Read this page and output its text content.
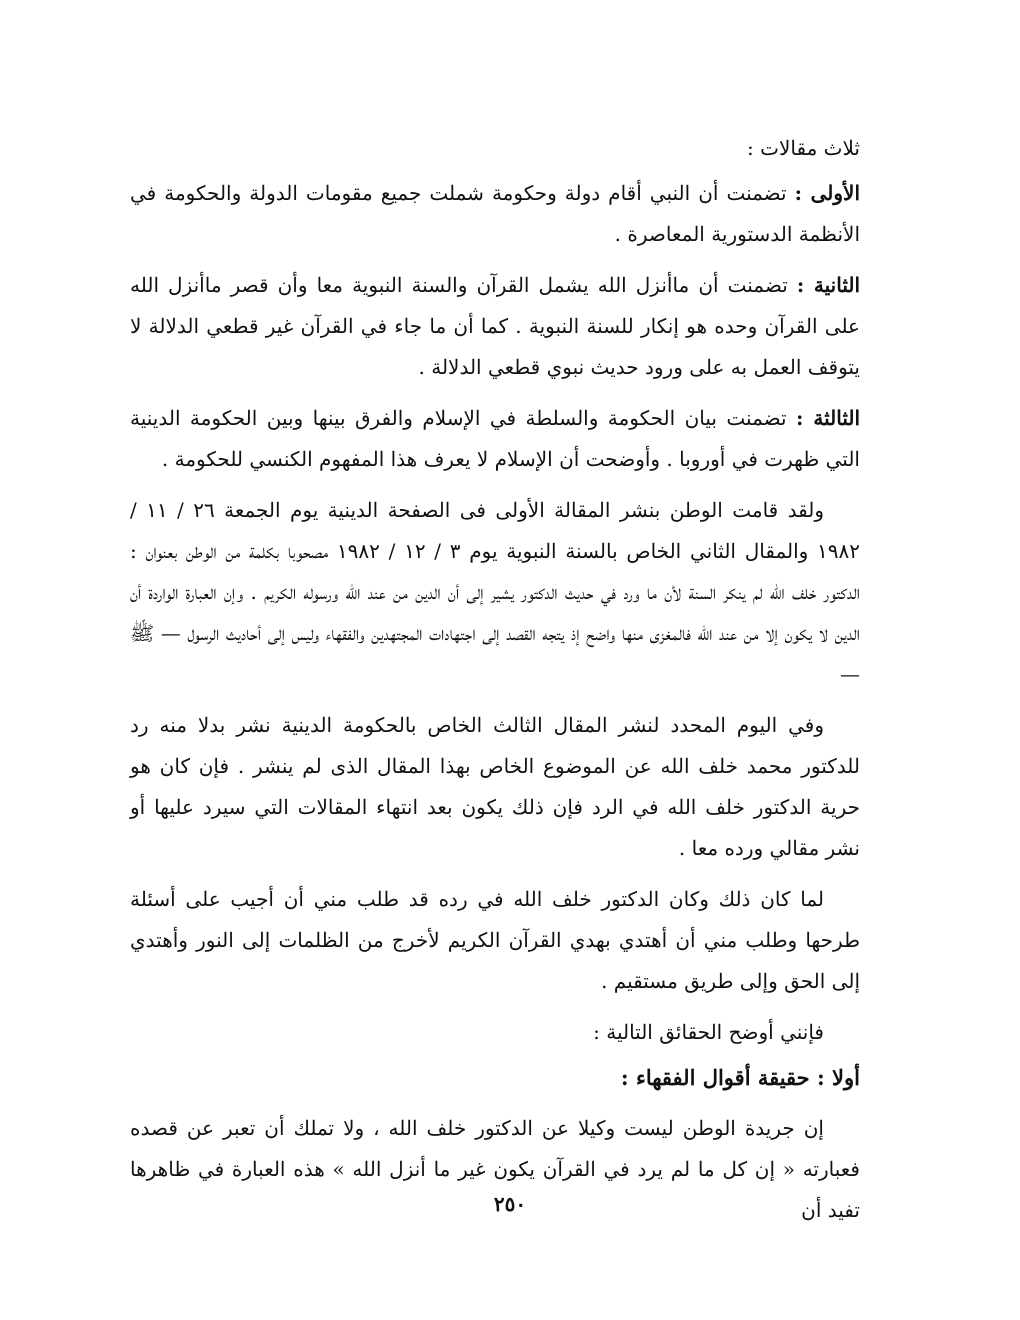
ثلاث مقالات :

الأولى : تضمنت أن النبي أقام دولة وحكومة شملت جميع مقومات الدولة والحكومة في الأنظمة الدستورية المعاصرة .

الثانية : تضمنت أن ماأنزل الله يشمل القرآن والسنة النبوية معا وأن قصر ماأنزل الله على القرآن وحده هو إنكار للسنة النبوية . كما أن ما جاء في القرآن غير قطعي الدلالة لا يتوقف العمل به على ورود حديث نبوي قطعي الدلالة .

الثالثة : تضمنت بيان الحكومة والسلطة في الإسلام والفرق بينها وبين الحكومة الدينية التي ظهرت في أوروبا . وأوضحت أن الإسلام لا يعرف هذا المفهوم الكنسي للحكومة .

ولقد قامت الوطن بنشر المقالة الأولى فى الصفحة الدينية يوم الجمعة ٢٦ / ١١ / ١٩٨٢ والمقال الثاني الخاص بالسنة النبوية يوم ٣ / ١٢ / ١٩٨٢ مصحوبا بكلمة من الوطن بعنوان : الدكتور خلف الله لم ينكر السنة لأن ما ورد في حديث الدكتور يشير إلى أن الدين من عند الله ورسوله الكريم . وإن العبارة الواردة أن الدين لا يكون إلا من عند الله فالمغزى منها واضح إذ يتجه القصد إلى اجتهادات المجتهدين والفقهاء وليس إلى أحاديث الرسول — ﷺ —

وفي اليوم المحدد لنشر المقال الثالث الخاص بالحكومة الدينية نشر بدلا منه رد للدكتور محمد خلف الله عن الموضوع الخاص بهذا المقال الذى لم ينشر . فإن كان هو حرية الدكتور خلف الله في الرد فإن ذلك يكون بعد انتهاء المقالات التي سيرد عليها أو نشر مقالي ورده معا .

لما كان ذلك وكان الدكتور خلف الله في رده قد طلب مني أن أجيب على أسئلة طرحها وطلب مني أن أهتدي بهدي القرآن الكريم لأخرج من الظلمات إلى النور وأهتدي إلى الحق وإلى طريق مستقيم .

فإنني أوضح الحقائق التالية :

أولا : حقيقة أقوال الفقهاء :

إن جريدة الوطن ليست وكيلا عن الدكتور خلف الله ، ولا تملك أن تعبر عن قصده فعبارته « إن كل ما لم يرد في القرآن يكون غير ما أنزل الله » هذه العبارة في ظاهرها تفيد أن

٢٥٠
